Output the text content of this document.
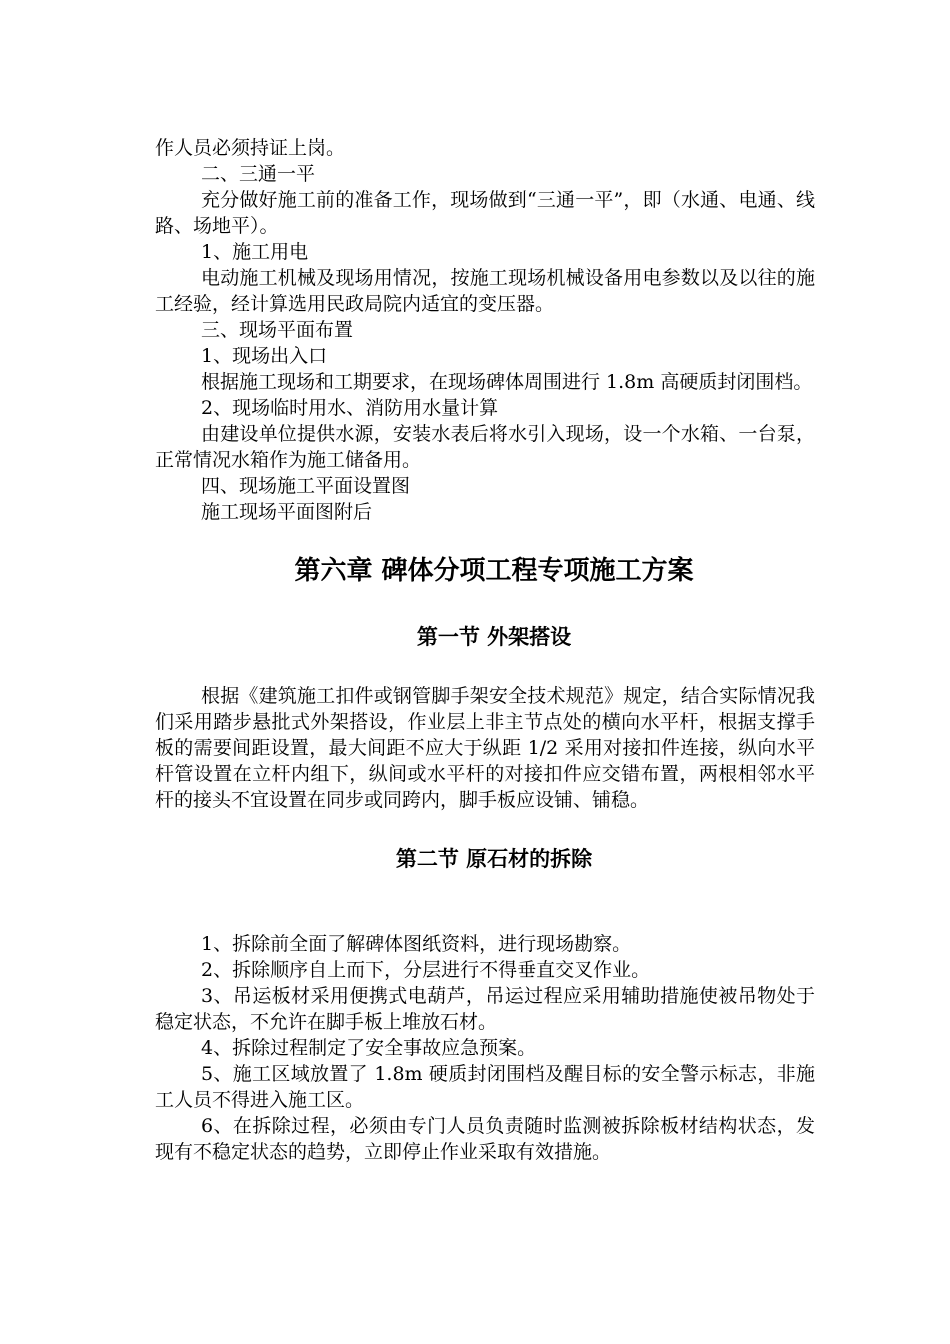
作人员必须持证上岗。

二、三通一平

充分做好施工前的准备工作，现场做到“三通一平”，即（水通、电通、线路、场地平）。

1、施工用电

电动施工机械及现场用情况，按施工现场机械设备用电参数以及以往的施工经验，经计算选用民政局院内适宜的变压器。

三、现场平面布置

1、现场出入口

根据施工现场和工期要求，在现场碑体周围进行 1.8m 高硬质封闭围档。

2、现场临时用水、消防用水量计算

由建设单位提供水源，安装水表后将水引入现场，设一个水箱、一台泵，正常情况水箱作为施工储备用。

四、现场施工平面设置图

施工现场平面图附后

第六章 碑体分项工程专项施工方案
第一节 外架搭设

根据《建筑施工扣件或钢管脚手架安全技术规范》规定，结合实际情况我们采用踏步悬批式外架搭设，作业层上非主节点处的横向水平杆，根据支撑手板的需要间距设置，最大间距不应大于纵距 1/2 采用对接扣件连接，纵向水平杆管设置在立杆内组下，纵间或水平杆的对接扣件应交错布置，两根相邻水平杆的接头不宜设置在同步或同跨内，脚手板应设铺、铺稳。

第二节 原石材的拆除

1、拆除前全面了解碑体图纸资料，进行现场勘察。

2、拆除顺序自上而下，分层进行不得垂直交叉作业。

3、吊运板材采用便携式电葫芦，吊运过程应采用辅助措施使被吊物处于稳定状态，不允许在脚手板上堆放石材。

4、拆除过程制定了安全事故应急预案。

5、施工区域放置了 1.8m 硬质封闭围档及醒目标的安全警示标志，非施工人员不得进入施工区。

6、在拆除过程，必须由专门人员负责随时监测被拆除板材结构状态，发现有不稳定状态的趋势，立即停止作业采取有效措施。
